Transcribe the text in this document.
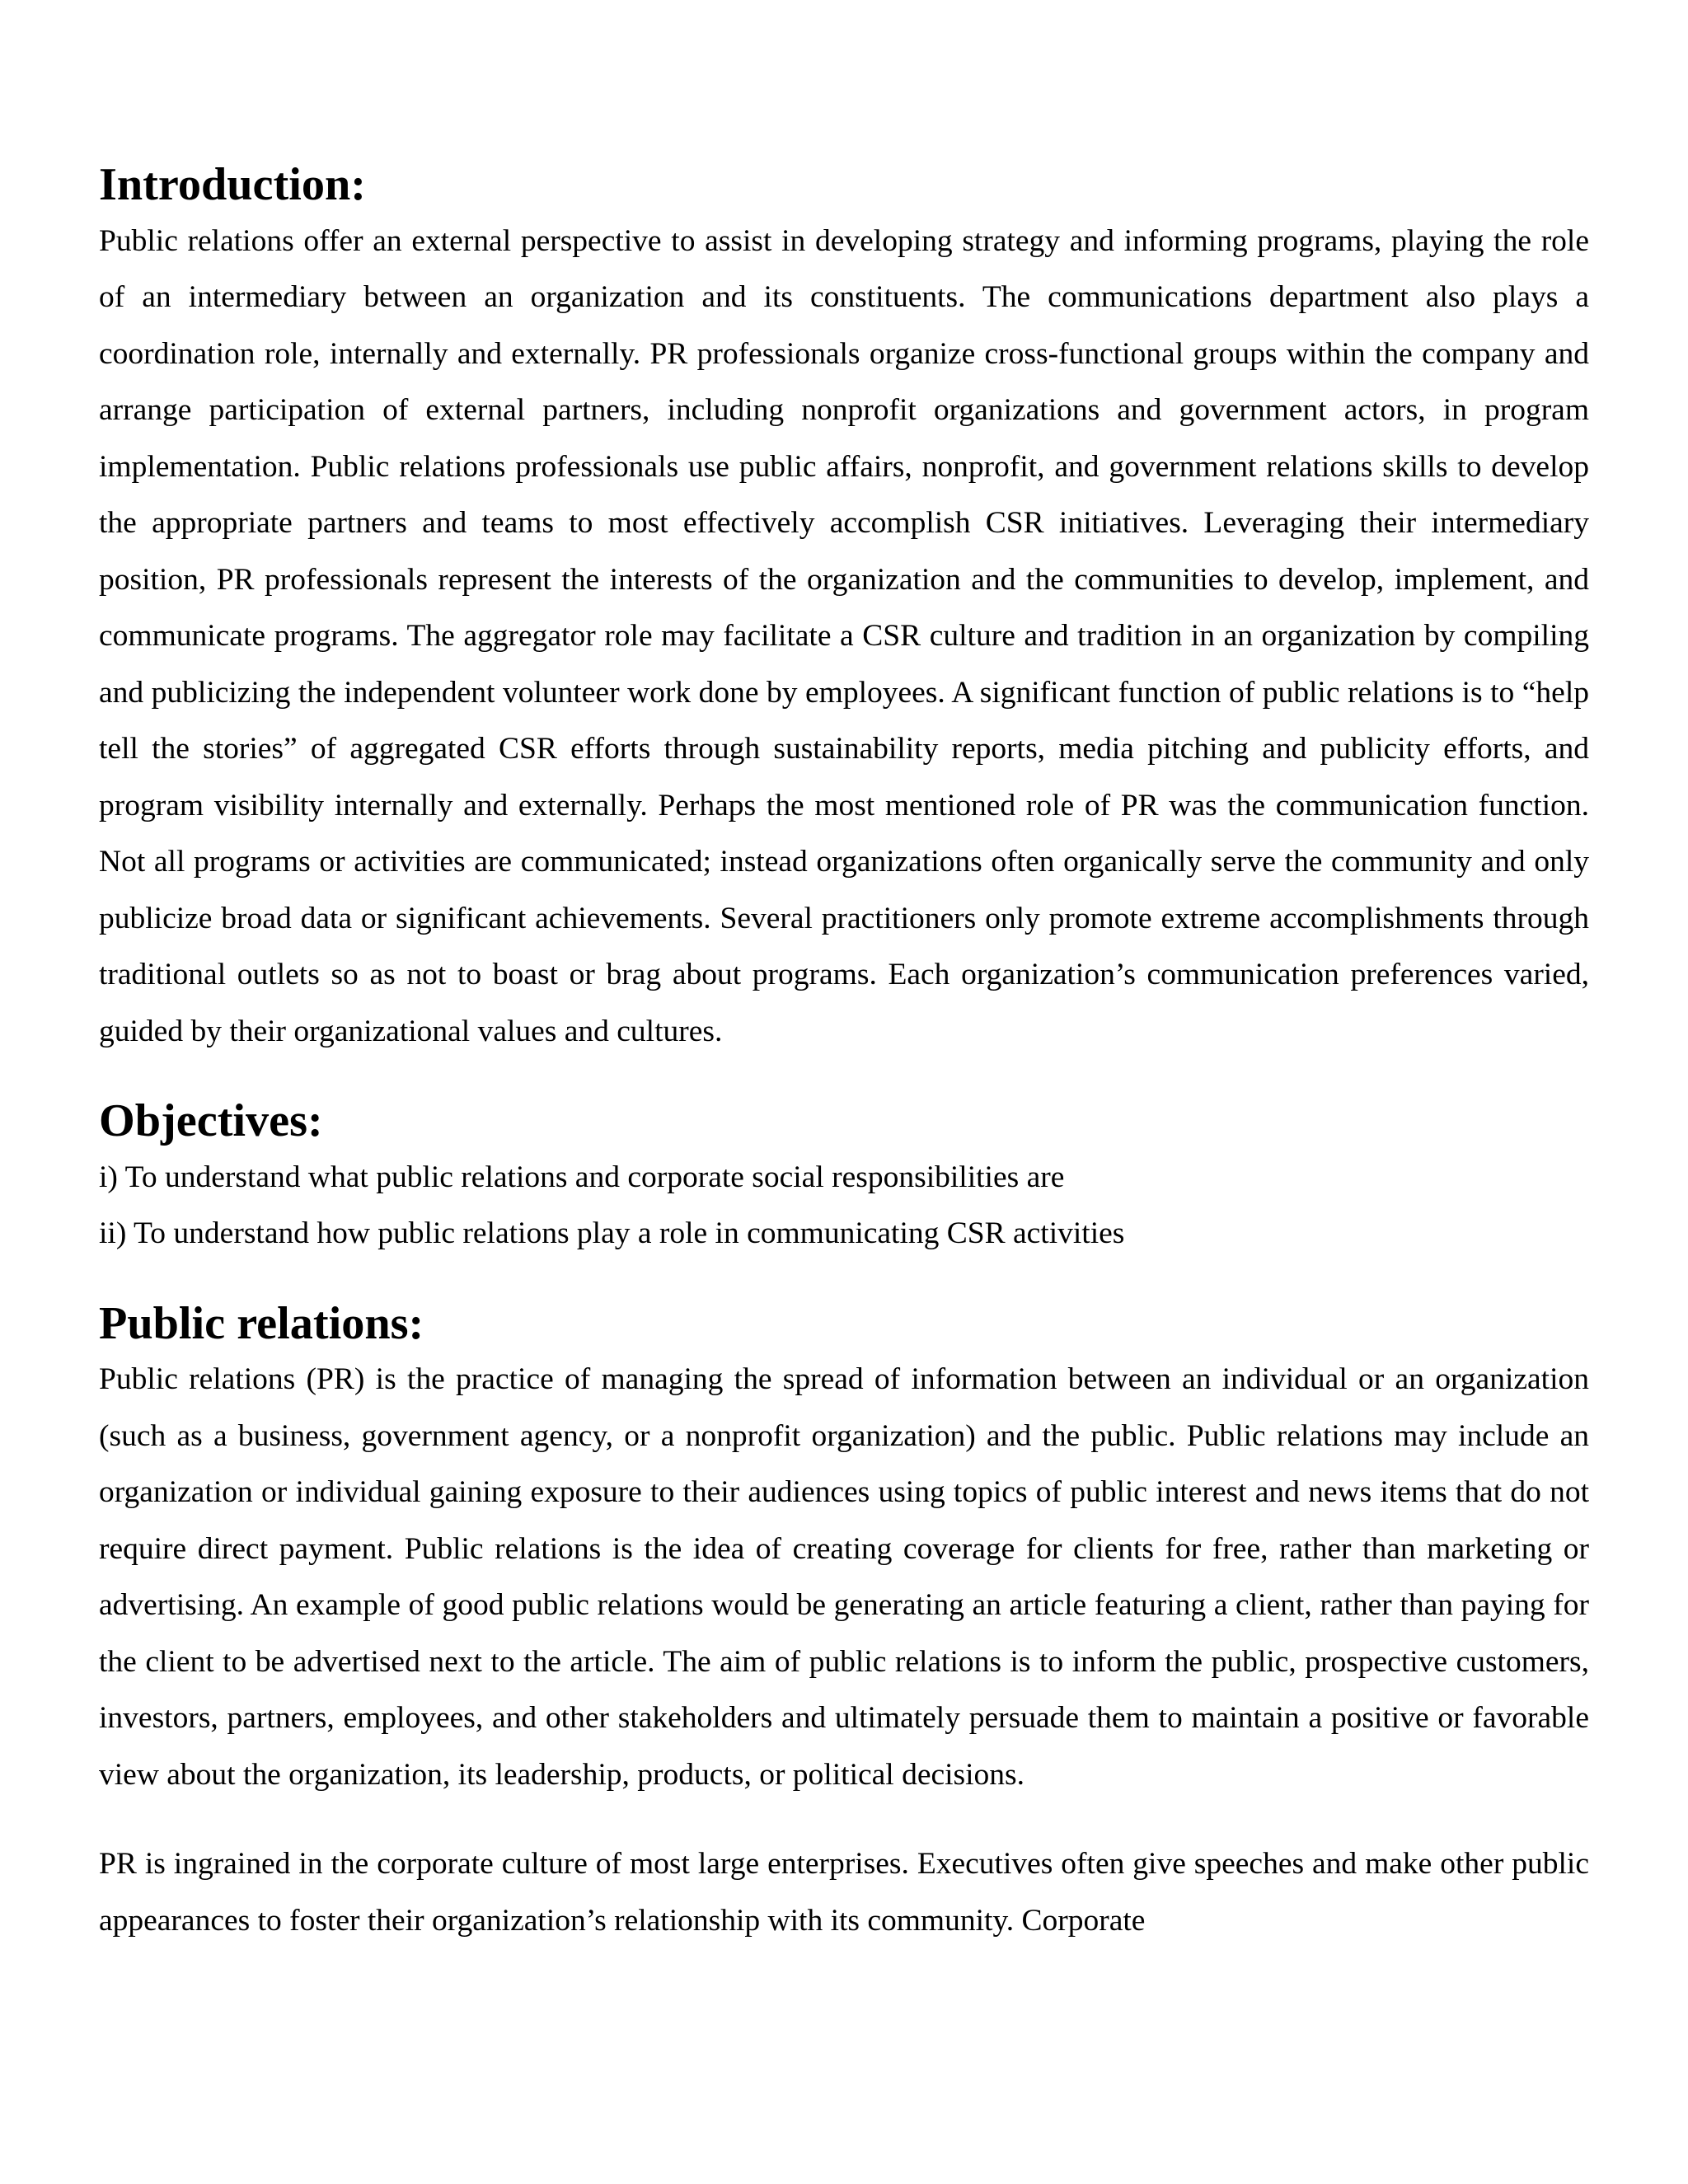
Introduction:

Public relations offer an external perspective to assist in developing strategy and informing programs, playing the role of an intermediary between an organization and its constituents. The communications department also plays a coordination role, internally and externally. PR professionals organize cross-functional groups within the company and arrange participation of external partners, including nonprofit organizations and government actors, in program implementation. Public relations professionals use public affairs, nonprofit, and government relations skills to develop the appropriate partners and teams to most effectively accomplish CSR initiatives. Leveraging their intermediary position, PR professionals represent the interests of the organization and the communities to develop, implement, and communicate programs. The aggregator role may facilitate a CSR culture and tradition in an organization by compiling and publicizing the independent volunteer work done by employees. A significant function of public relations is to “help tell the stories” of aggregated CSR efforts through sustainability reports, media pitching and publicity efforts, and program visibility internally and externally. Perhaps the most mentioned role of PR was the communication function. Not all programs or activities are communicated; instead organizations often organically serve the community and only publicize broad data or significant achievements. Several practitioners only promote extreme accomplishments through traditional outlets so as not to boast or brag about programs. Each organization’s communication preferences varied, guided by their organizational values and cultures.

Objectives:

i) To understand what public relations and corporate social responsibilities are

ii) To understand how public relations play a role in communicating CSR activities

Public relations:

Public relations (PR) is the practice of managing the spread of information between an individual or an organization (such as a business, government agency, or a nonprofit organization) and the public. Public relations may include an organization or individual gaining exposure to their audiences using topics of public interest and news items that do not require direct payment. Public relations is the idea of creating coverage for clients for free, rather than marketing or advertising. An example of good public relations would be generating an article featuring a client, rather than paying for the client to be advertised next to the article. The aim of public relations is to inform the public, prospective customers, investors, partners, employees, and other stakeholders and ultimately persuade them to maintain a positive or favorable view about the organization, its leadership, products, or political decisions.

PR is ingrained in the corporate culture of most large enterprises. Executives often give speeches and make other public appearances to foster their organization’s relationship with its community. Corporate
